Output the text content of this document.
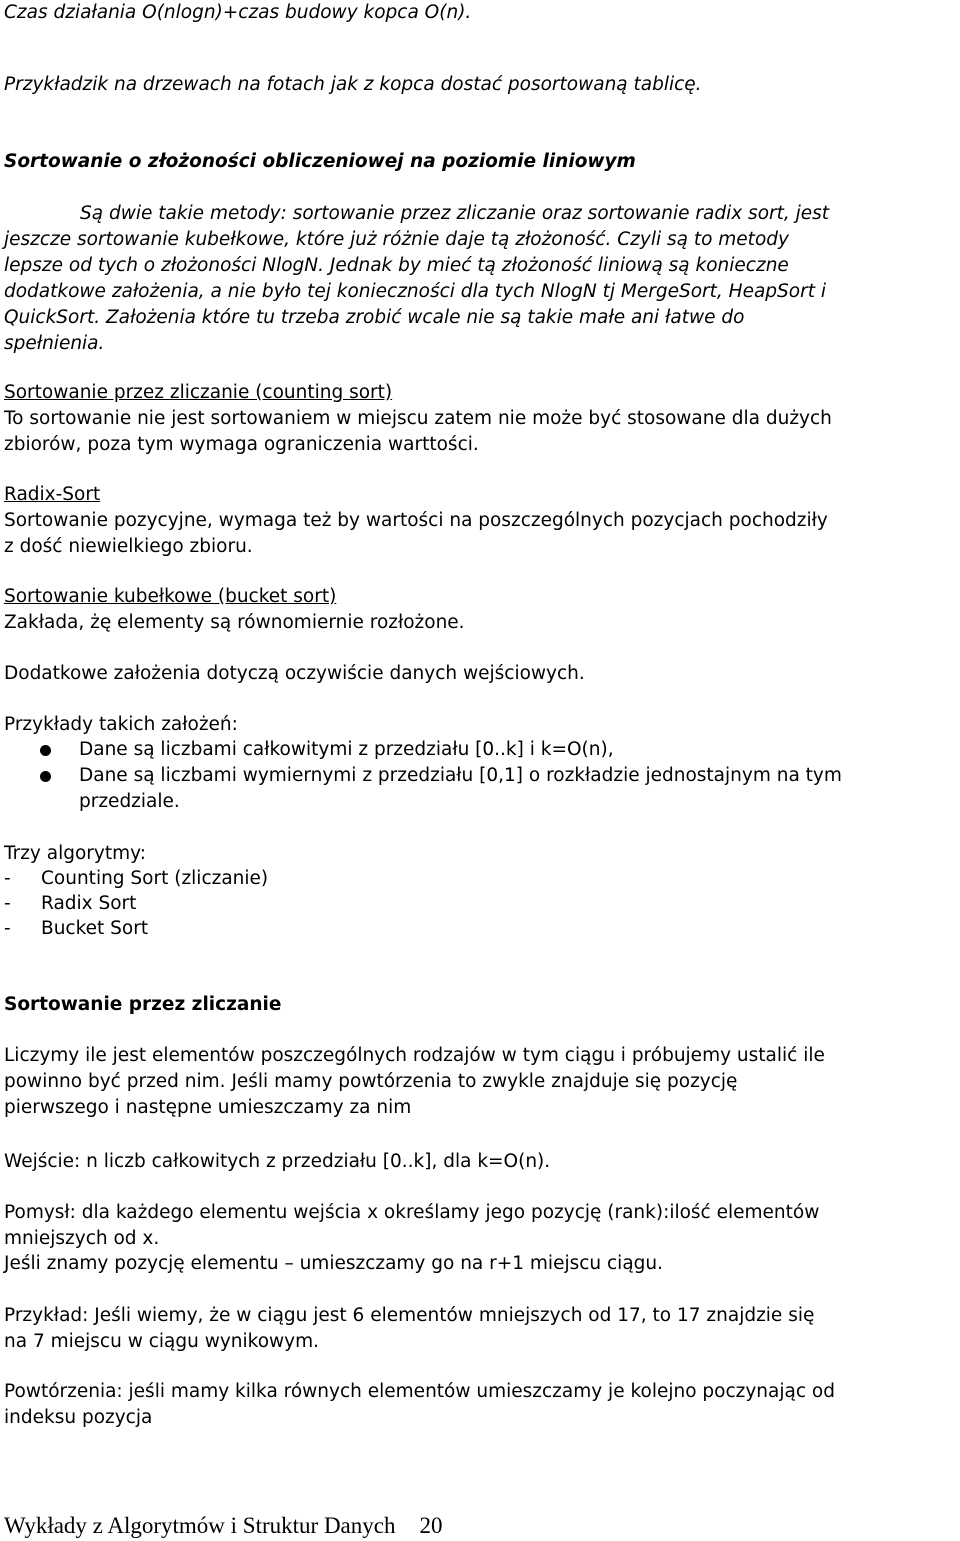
Czas działania O(nlogn)+czas budowy kopca O(n).

Przykładzik na drzewach na fotach jak z kopca dostać posortowaną tablicę.

Sortowanie o złożoności obliczeniowej na poziomie liniowym

Są dwie takie metody: sortowanie przez zliczanie oraz sortowanie radix sort, jest

jeszcze sortowanie kubełkowe, które już różnie daje tą złożoność. Czyli są to metody

lepsze od tych o złożoności NlogN. Jednak by mieć tą złożoność liniową są konieczne

dodatkowe założenia, a nie było tej konieczności dla tych NlogN tj MergeSort, HeapSort i

QuickSort. Założenia które tu trzeba zrobić wcale nie są takie małe ani łatwe do

spełnienia.

Sortowanie przez zliczanie (counting sort)

To sortowanie nie jest sortowaniem w miejscu zatem nie może być stosowane dla dużych

zbiorów, poza tym wymaga ograniczenia warttości.

Radix-Sort

Sortowanie pozycyjne, wymaga też by wartości na poszczególnych pozycjach pochodziły

z dość niewielkiego zbioru.

Sortowanie kubełkowe (bucket sort)

Zakłada, żę elementy są równomiernie rozłożone.

Dodatkowe założenia dotyczą oczywiście danych wejściowych.

Przykłady takich założeń:

Dane są liczbami całkowitymi z przedziału [0..k] i k=O(n),

Dane są liczbami wymiernymi z przedziału [0,1] o rozkładzie jednostajnym na tym

przedziale.

Trzy algorytmy:

- Counting Sort (zliczanie)

- Radix Sort

- Bucket Sort

Sortowanie przez zliczanie

Liczymy ile jest elementów poszczególnych rodzajów w tym ciągu i próbujemy ustalić ile

powinno być przed nim. Jeśli mamy powtórzenia to zwykle znajduje się pozycję

pierwszego i następne umieszczamy za nim

Wejście: n liczb całkowitych z przedziału [0..k], dla k=O(n).

Pomysł: dla każdego elementu wejścia x określamy jego pozycję (rank):ilość elementów

mniejszych od x.

Jeśli znamy pozycję elementu – umieszczamy go na r+1 miejscu ciągu.

Przykład: Jeśli wiemy, że w ciągu jest 6 elementów mniejszych od 17, to 17 znajdzie się

na 7 miejscu w ciągu wynikowym.

Powtórzenia: jeśli mamy kilka równych elementów umieszczamy je kolejno poczynając od

indeksu pozycja

Wykłady z Algorytmów i Struktur Danych 20
